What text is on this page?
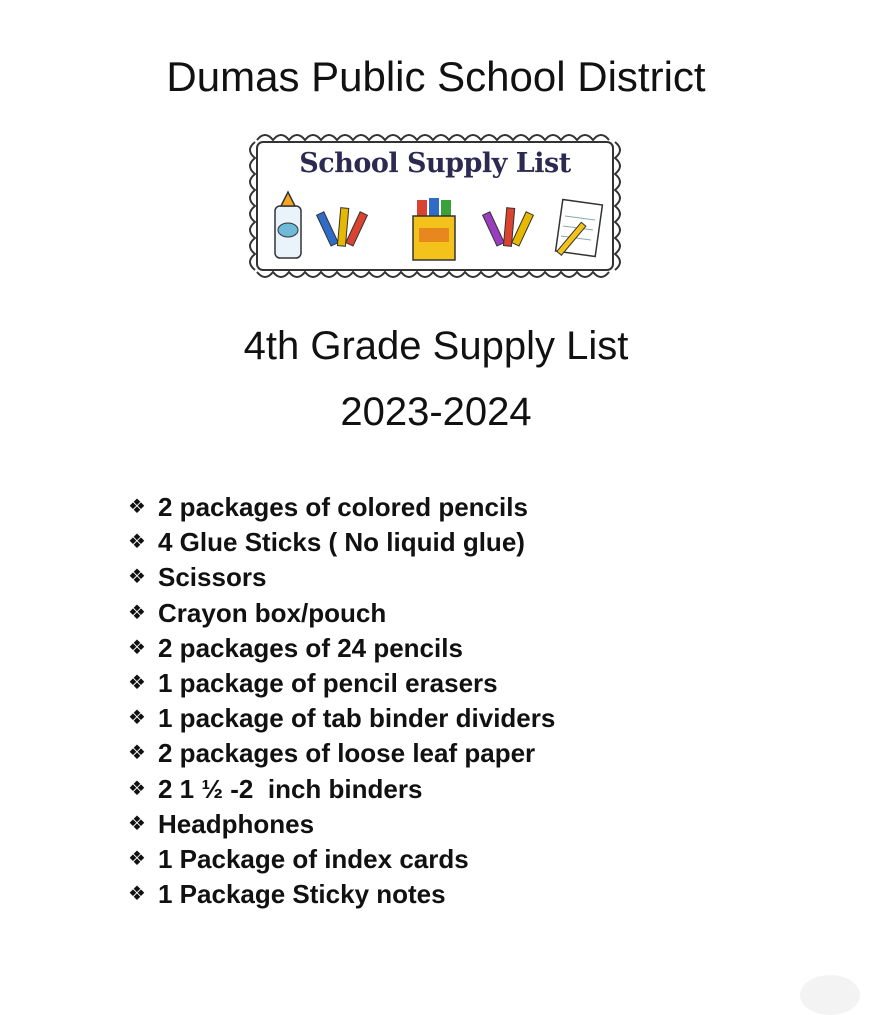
Dumas Public School District
School Supply List
4th Grade Supply List
2023-2024
❖ 2 packages of colored pencils
❖ 4 Glue Sticks ( No liquid glue)
❖ Scissors
❖ Crayon box/pouch
❖ 2 packages of 24 pencils
❖ 1 package of pencil erasers
❖ 1 package of tab binder dividers
❖ 2 packages of loose leaf paper
❖ 2 1 ½ -2  inch binders
❖ Headphones
❖ 1 Package of index cards
❖ 1 Package Sticky notes
